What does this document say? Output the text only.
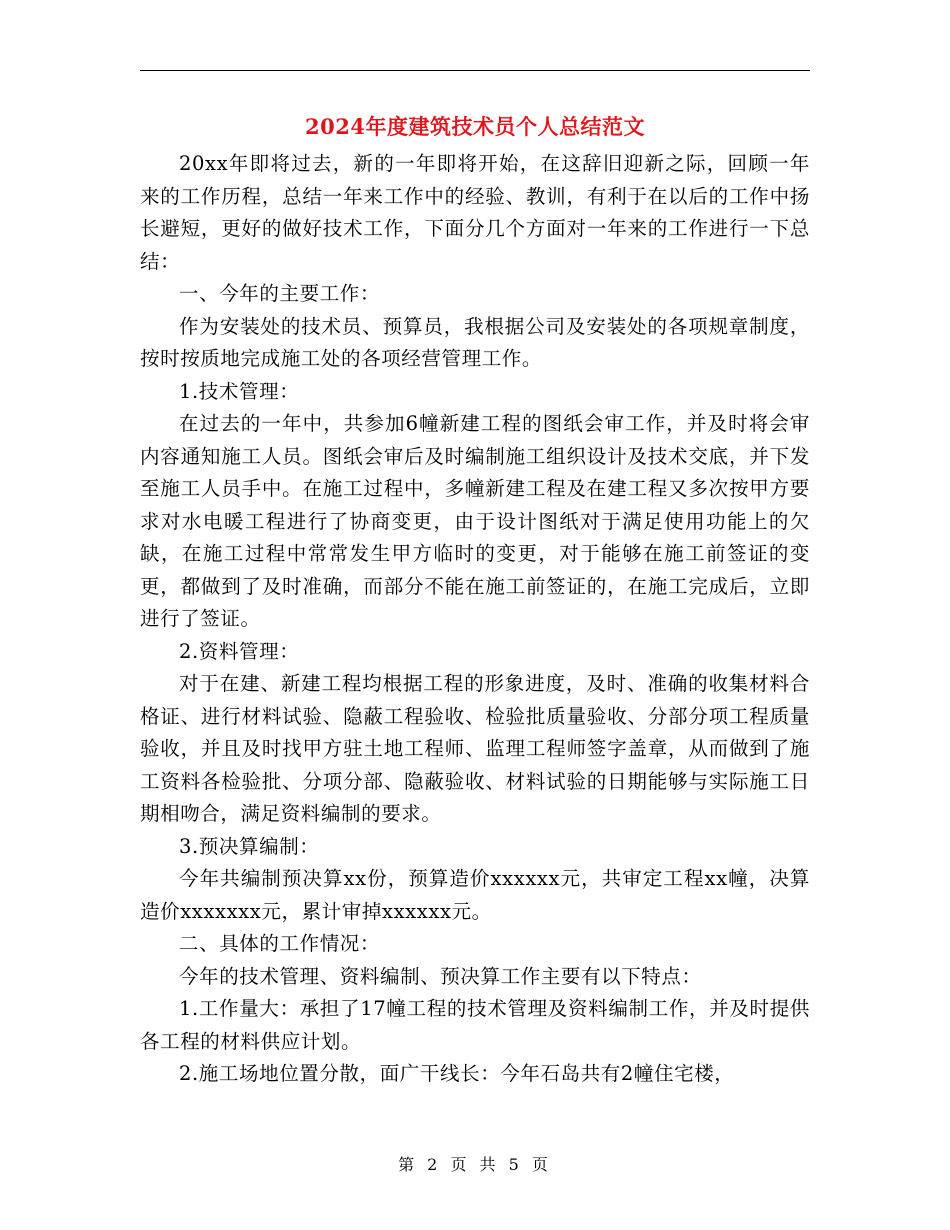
2024年度建筑技术员个人总结范文

20xx年即将过去，新的一年即将开始，在这辞旧迎新之际，回顾一年来的工作历程，总结一年来工作中的经验、教训，有利于在以后的工作中扬长避短，更好的做好技术工作，下面分几个方面对一年来的工作进行一下总结：

一、今年的主要工作：

作为安装处的技术员、预算员，我根据公司及安装处的各项规章制度，按时按质地完成施工处的各项经营管理工作。

1.技术管理：

在过去的一年中，共参加6幢新建工程的图纸会审工作，并及时将会审内容通知施工人员。图纸会审后及时编制施工组织设计及技术交底，并下发至施工人员手中。在施工过程中，多幢新建工程及在建工程又多次按甲方要求对水电暖工程进行了协商变更，由于设计图纸对于满足使用功能上的欠缺，在施工过程中常常发生甲方临时的变更，对于能够在施工前签证的变更，都做到了及时准确，而部分不能在施工前签证的，在施工完成后，立即进行了签证。

2.资料管理：

对于在建、新建工程均根据工程的形象进度，及时、准确的收集材料合格证、进行材料试验、隐蔽工程验收、检验批质量验收、分部分项工程质量验收，并且及时找甲方驻土地工程师、监理工程师签字盖章，从而做到了施工资料各检验批、分项分部、隐蔽验收、材料试验的日期能够与实际施工日期相吻合，满足资料编制的要求。

3.预决算编制：

今年共编制预决算xx份，预算造价xxxxxx元，共审定工程xx幢，决算造价xxxxxxx元，累计审掉xxxxxx元。

二、具体的工作情况：

今年的技术管理、资料编制、预决算工作主要有以下特点：

1.工作量大：承担了17幢工程的技术管理及资料编制工作，并及时提供各工程的材料供应计划。

2.施工场地位置分散，面广干线长：今年石岛共有2幢住宅楼，

第 2 页 共 5 页
